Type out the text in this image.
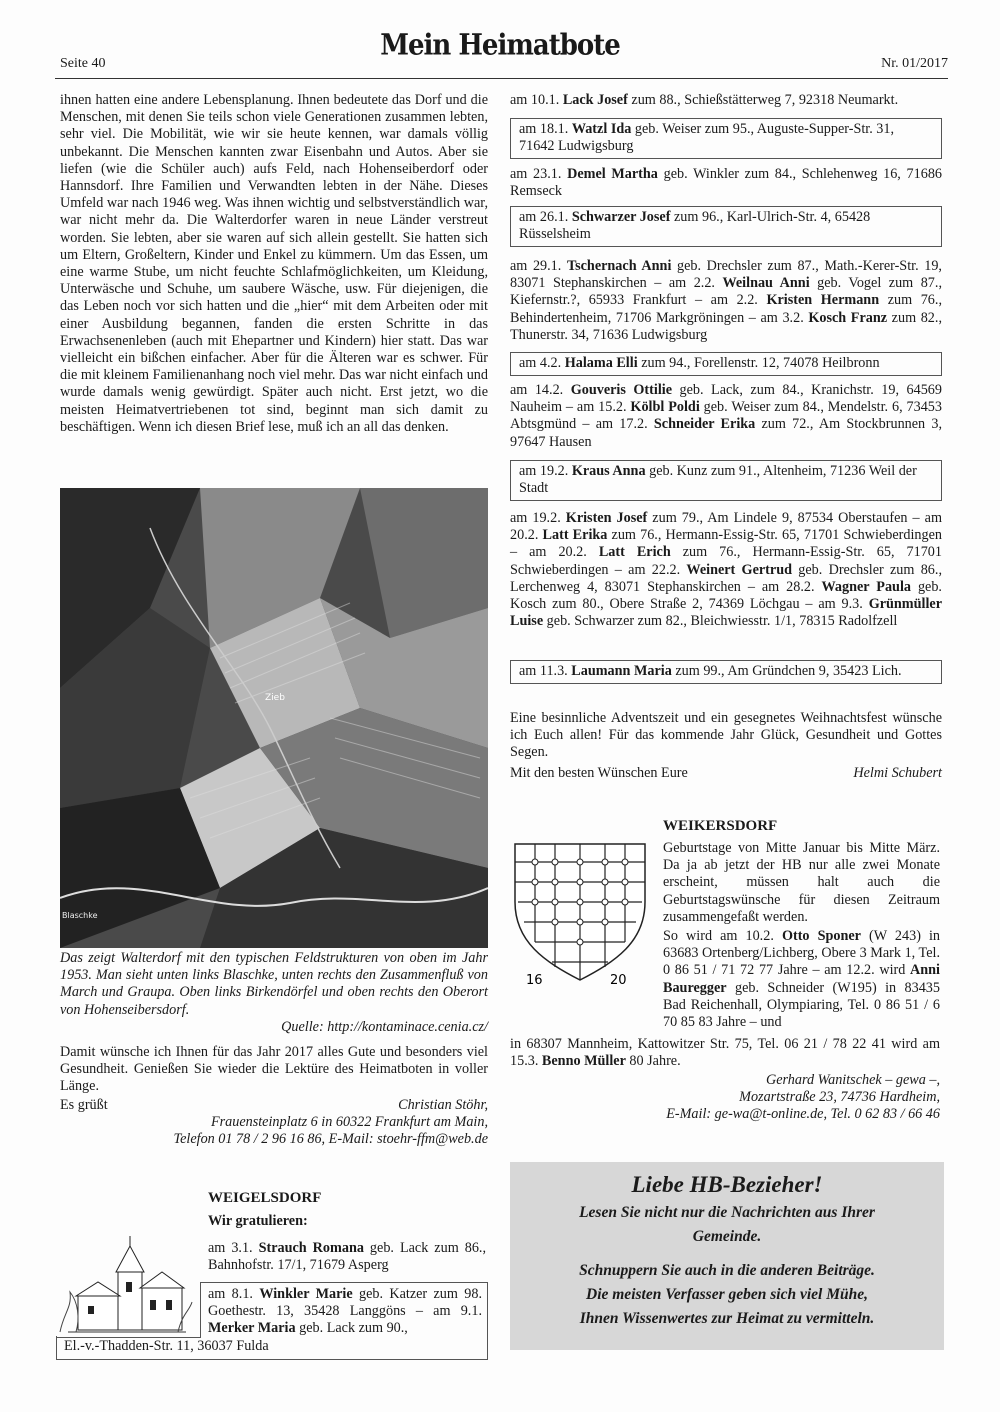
Seite 40
Mein Heimatbote
Nr. 01/2017

ihnen hatten eine andere Lebensplanung. Ihnen bedeutete das Dorf und die Menschen, mit denen Sie teils schon viele Generationen zusammen lebten, sehr viel. Die Mobilität, wie wir sie heute kennen, war damals völlig unbekannt. Die Menschen kannten zwar Eisenbahn und Autos. Aber sie liefen (wie die Schüler auch) aufs Feld, nach Hohenseiberdorf oder Hannsdorf. Ihre Familien und Verwandten lebten in der Nähe. Dieses Umfeld war nach 1946 weg. Was ihnen wichtig und selbstverständlich war, war nicht mehr da. Die Walterdorfer waren in neue Länder verstreut worden. Sie lebten, aber sie waren auf sich allein gestellt. Sie hatten sich um Eltern, Großeltern, Kinder und Enkel zu kümmern. Um das Essen, um eine warme Stube, um nicht feuchte Schlafmöglichkeiten, um Kleidung, Unterwäsche und Schuhe, um saubere Wäsche, usw. Für diejenigen, die das Leben noch vor sich hatten und die „hier“ mit dem Arbeiten oder mit einer Ausbildung begannen, fanden die ersten Schritte in das Erwachsenenleben (auch mit Ehepartner und Kindern) hier statt. Das war vielleicht ein bißchen einfacher. Aber für die Älteren war es schwer. Für die mit kleinem Familienanhang noch viel mehr. Das war nicht einfach und wurde damals wenig gewürdigt. Später auch nicht. Erst jetzt, wo die meisten Heimatvertriebenen tot sind, beginnt man sich damit zu beschäftigen. Wenn ich diesen Brief lese, muß ich an all das denken.

Zieb
Blaschke

Das zeigt Walterdorf mit den typischen Feldstrukturen von oben im Jahr 1953. Man sieht unten links Blaschke, unten rechts den Zusammenfluß von March und Graupa. Oben links Birkendörfel und oben rechts den Oberort von Hohenseibersdorf.

Quelle: http://kontaminace.cenia.cz/

Damit wünsche ich Ihnen für das Jahr 2017 alles Gute und besonders viel Gesundheit. Genießen Sie wieder die Lektüre des Heimatboten in voller Länge.

Es grüßt	Christian Stöhr,

Frauensteinplatz 6 in 60322 Frankfurt am Main,

Telefon 01 78 / 2 96 16 86, E-Mail: stoehr-ffm@web.de

WEIGELSDORF
Wir gratulieren:

am 3.1. Strauch Romana geb. Lack zum 86., Bahnhofstr. 17/1, 71679 Asperg

am 8.1. Winkler Marie geb. Katzer zum 98. Goethestr. 13, 35428 Langgöns – am 9.1. Merker Maria geb. Lack zum 90.,

El.-v.-Thadden-Str. 11, 36037 Fulda

am 10.1. Lack Josef zum 88., Schießstätterweg 7, 92318 Neumarkt.

am 18.1. Watzl Ida geb. Weiser zum 95., Auguste-Supper-Str. 31, 71642 Ludwigsburg

am 23.1. Demel Martha geb. Winkler zum 84., Schlehenweg 16, 71686 Remseck

am 26.1. Schwarzer Josef zum 96., Karl-Ulrich-Str. 4, 65428 Rüsselsheim

am 29.1. Tschernach Anni geb. Drechsler zum 87., Math.-Kerer-Str. 19, 83071 Stephanskirchen – am 2.2. Weilnau Anni geb. Vogel zum 87., Kiefernstr.?, 65933 Frankfurt – am 2.2. Kristen Hermann zum 76., Behindertenheim, 71706 Markgröningen – am 3.2. Kosch Franz zum 82., Thunerstr. 34, 71636 Ludwigsburg

am 4.2. Halama Elli zum 94., Forellenstr. 12, 74078 Heilbronn

am 14.2. Gouveris Ottilie geb. Lack, zum 84., Kranichstr. 19, 64569 Nauheim – am 15.2. Kölbl Poldi geb. Weiser zum 84., Mendelstr. 6, 73453 Abtsgmünd – am 17.2. Schneider Erika zum 72., Am Stockbrunnen 3, 97647 Hausen

am 19.2. Kraus Anna geb. Kunz zum 91., Altenheim, 71236 Weil der Stadt

am 19.2. Kristen Josef zum 79., Am Lindele 9, 87534 Oberstaufen – am 20.2. Latt Erika zum 76., Hermann-Essig-Str. 65, 71701 Schwieberdingen – am 20.2. Latt Erich zum 76., Hermann-Essig-Str. 65, 71701 Schwieberdingen – am 22.2. Weinert Gertrud geb. Drechsler zum 86., Lerchenweg 4, 83071 Stephanskirchen – am 28.2. Wagner Paula geb. Kosch zum 80., Obere Straße 2, 74369 Löchgau – am 9.3. Grünmüller Luise geb. Schwarzer zum 82., Bleichwiesstr. 1/1, 78315 Radolfzell

am 11.3. Laumann Maria zum 99., Am Gründchen 9, 35423 Lich.

Eine besinnliche Adventszeit und ein gesegnetes Weihnachtsfest wünsche ich Euch allen! Für das kommende Jahr Glück, Gesundheit und Gottes Segen.

Mit den besten Wünschen Eure	Helmi Schubert
WEIKERSDORF
16	20

Geburtstage von Mitte Januar bis Mitte März. Da ja ab jetzt der HB nur alle zwei Monate erscheint, müssen halt auch die Geburtstagswünsche für diesen Zeitraum zusammengefaßt werden.

So wird am 10.2. Otto Sponer (W 243) in 63683 Ortenberg/Lichberg, Obere 3 Mark 1, Tel. 0 86 51 / 71 72 77 Jahre – am 12.2. wird Anni Bauregger geb. Schneider (W195) in 83435 Bad Reichenhall, Olympiaring, Tel. 0 86 51 / 6 70 85 83 Jahre – und

in 68307 Mannheim, Kattowitzer Str. 75, Tel. 06 21 / 78 22 41 wird am 15.3. Benno Müller 80 Jahre.

Gerhard Wanitschek – gewa –,

Mozartstraße 23, 74736 Hardheim,

E-Mail: ge-wa@t-online.de, Tel. 0 62 83 / 66 46

Liebe HB-Bezieher!
Lesen Sie nicht nur die Nachrichten aus Ihrer
Gemeinde.
Schnuppern Sie auch in die anderen Beiträge.
Die meisten Verfasser geben sich viel Mühe,
Ihnen Wissenwertes zur Heimat zu vermitteln.
